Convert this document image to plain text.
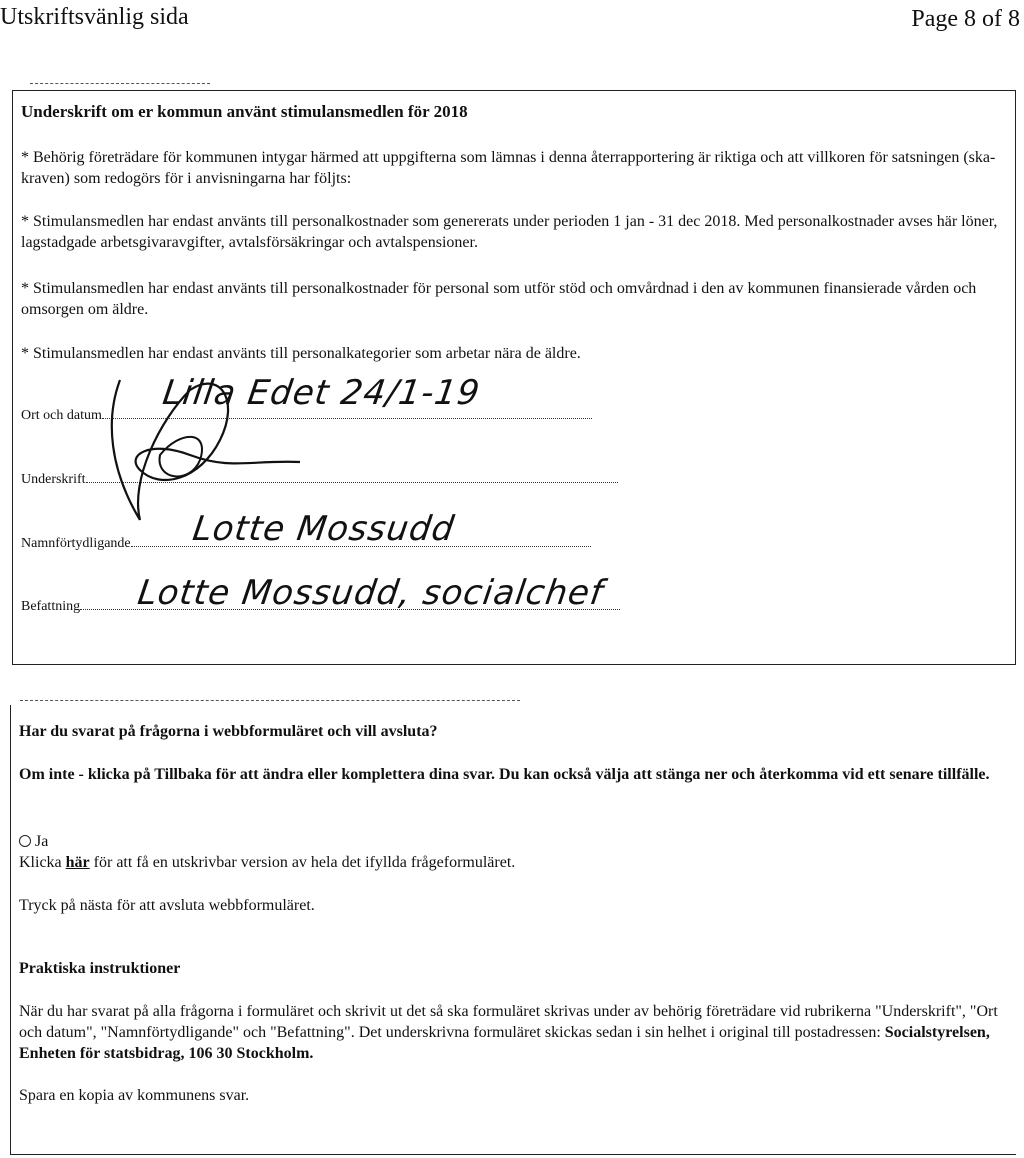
Utskriftsvänlig sida	Page 8 of 8
Underskrift om er kommun använt stimulansmedlen för 2018
* Behörig företrädare för kommunen intygar härmed att uppgifterna som lämnas i denna återrapportering är riktiga och att villkoren för satsningen (ska-kraven) som redogörs för i anvisningarna har följts:
* Stimulansmedlen har endast använts till personalkostnader som genererats under perioden 1 jan - 31 dec 2018. Med personalkostnader avses här löner, lagstadgade arbetsgivaravgifter, avtalsförsäkringar och avtalspensioner.
* Stimulansmedlen har endast använts till personalkostnader för personal som utför stöd och omvårdnad i den av kommunen finansierade vården och omsorgen om äldre.
* Stimulansmedlen har endast använts till personalkategorier som arbetar nära de äldre.
Ort och datum
Underskrift
Namnförtydligande
Befattning
Lilla Edet 24/1-19
Lotte Mossudd
Lotte Mossudd, socialchef
Har du svarat på frågorna i webbformuläret och vill avsluta?
Om inte - klicka på Tillbaka för att ändra eller komplettera dina svar. Du kan också välja att stänga ner och återkomma vid ett senare tillfälle.
Ja
Klicka här för att få en utskrivbar version av hela det ifyllda frågeformuläret.
Tryck på nästa för att avsluta webbformuläret.
Praktiska instruktioner
När du har svarat på alla frågorna i formuläret och skrivit ut det så ska formuläret skrivas under av behörig företrädare vid rubrikerna "Underskrift", "Ort och datum", "Namnförtydligande" och "Befattning". Det underskrivna formuläret skickas sedan i sin helhet i original till postadressen: Socialstyrelsen, Enheten för statsbidrag, 106 30 Stockholm.
Spara en kopia av kommunens svar.
